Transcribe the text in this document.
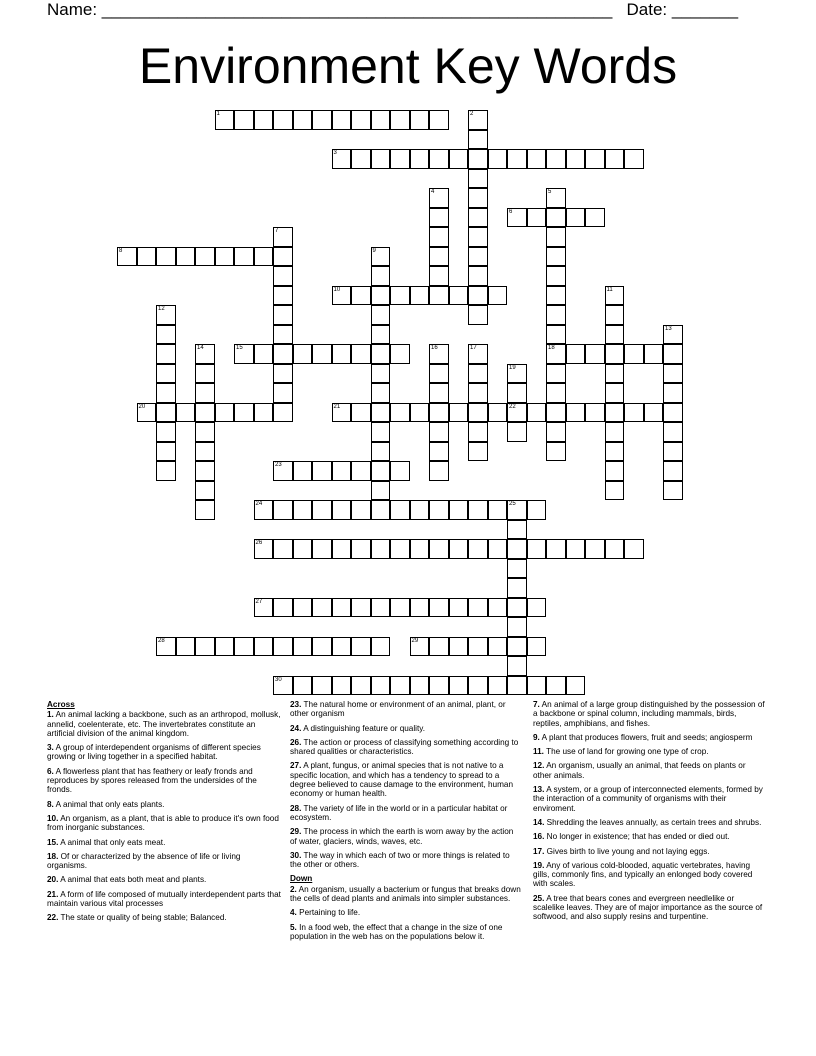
Name: ______________________________________________________   Date: _______
Environment Key Words
1
3
6
8
10
15	18
20	21	22
23
24	25
26
27
28	29
30
2
4	5
7
9
11
12
13
14	16	17
19
Across
1. An animal lacking a backbone, such as an arthropod, mollusk, annelid, coelenterate, etc. The invertebrates constitute an artificial division of the animal kingdom.
3. A group of interdependent organisms of different species growing or living together in a specified habitat.
6. A flowerless plant that has feathery or leafy fronds and reproduces by spores released from the undersides of the fronds.
8. A animal that only eats plants.
10. An organism, as a plant, that is able to produce it's own food from inorganic substances.
15. A animal that only eats meat.
18. Of or characterized by the absence of life or living organisms.
20. A animal that eats both meat and plants.
21. A form of life composed of mutually interdependent parts that maintain various vital processes
22. The state or quality of being stable; Balanced.
23. The natural home or environment of an animal, plant, or other organism
24. A distinguishing feature or quality.
26. The action or process of classifying something according to shared qualities or characteristics.
27. A plant, fungus, or animal species that is not native to a specific location, and which has a tendency to spread to a degree believed to cause damage to the environment, human economy or human health.
28. The variety of life in the world or in a particular habitat or ecosystem.
29. The process in which the earth is worn away by the action of water, glaciers, winds, waves, etc.
30. The way in which each of two or more things is related to the other or others.
Down
2. An organism, usually a bacterium or fungus that breaks down the cells of dead plants and animals into simpler substances.
4. Pertaining to life.
5. In a food web, the effect that a change in the size of one population in the web has on the populations below it.
7. An animal of a large group distinguished by the possession of a backbone or spinal column, including mammals, birds, reptiles, amphibians, and fishes.
9. A plant that produces flowers, fruit and seeds; angiosperm
11. The use of land for growing one type of crop.
12. An organism, usually an animal, that feeds on plants or other animals.
13. A system, or a group of interconnected elements, formed by the interaction of a community of organisms with their enviroment.
14. Shredding the leaves annually, as certain trees and shrubs.
16. No longer in existence; that has ended or died out.
17. Gives birth to live young and not laying eggs.
19. Any of various cold-blooded, aquatic vertebrates, having gills, commonly fins, and typically an enlonged body covered with scales.
25. A tree that bears cones and evergreen needlelike or scalelike leaves. They are of major importance as the source of softwood, and also supply resins and turpentine.
